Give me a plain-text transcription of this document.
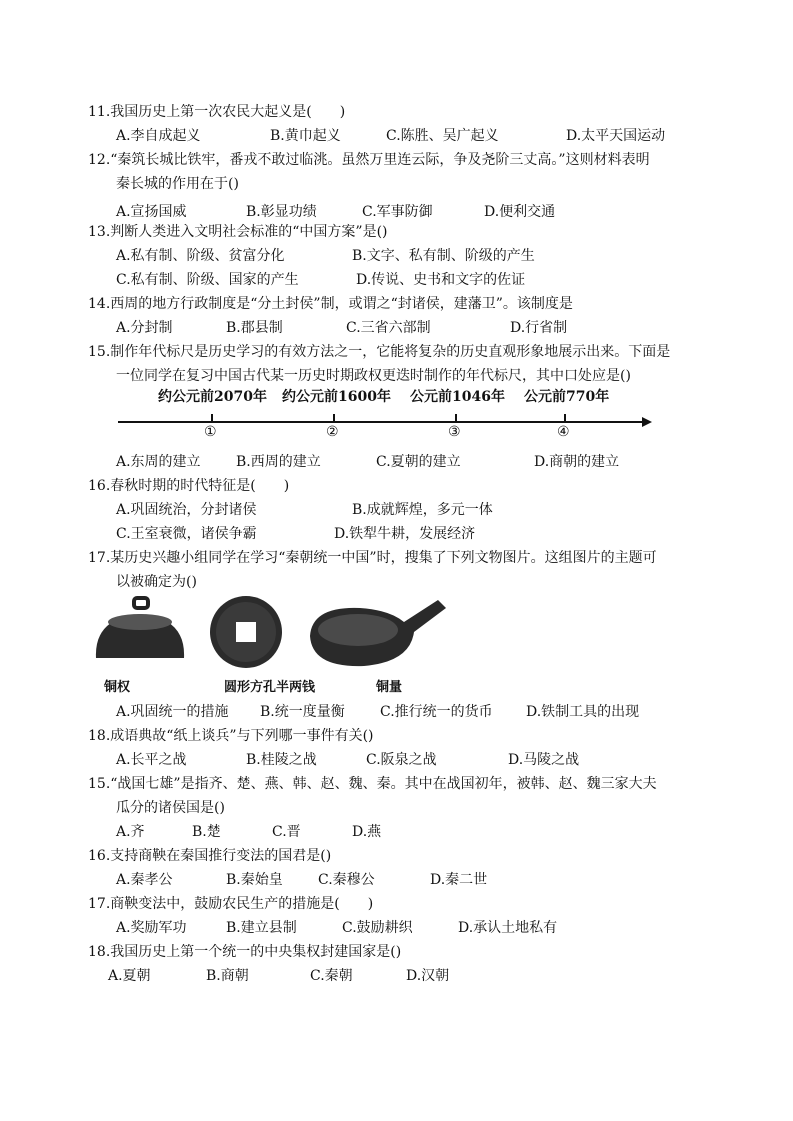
11.我国历史上第一次农民大起义是(　　)
A.李自成起义	B.黄巾起义	C.陈胜、吴广起义	D.太平天国运动
12.“秦筑长城比铁牢，番戎不敢过临洮。虽然万里连云际，争及尧阶三丈高。”这则材料表明
秦长城的作用在于()
A.宣扬国威	B.彰显功绩	C.军事防御	D.便利交通
13.判断人类进入文明社会标准的“中国方案”是()
A.私有制、阶级、贫富分化	B.文字、私有制、阶级的产生
C.私有制、阶级、国家的产生	D.传说、史书和文字的佐证
14.西周的地方行政制度是“分土封侯”制，或谓之“封诸侯，建藩卫”。该制度是
A.分封制	B.郡县制	C.三省六部制	D.行省制
15.制作年代标尺是历史学习的有效方法之一，它能将复杂的历史直观形象地展示出来。下面是
一位同学在复习中国古代某一历史时期政权更迭时制作的年代标尺，其中口处应是()
约公元前2070年 约公元前1600年 公元前1046年 公元前770年
①	②	③	④
A.东周的建立	B.西周的建立	C.夏朝的建立	D.商朝的建立
16.春秋时期的时代特征是(　　)
A.巩固统治，分封诸侯	B.成就辉煌，多元一体
C.王室衰微，诸侯争霸	D.铁犁牛耕，发展经济
17.某历史兴趣小组同学在学习“秦朝统一中国”时，搜集了下列文物图片。这组图片的主题可
以被确定为()
铜权	圆形方孔半两钱	铜量
A.巩固统一的措施 B.统一度量衡	C.推行统一的货币 D.铁制工具的出现
18.成语典故“纸上谈兵”与下列哪一事件有关()
A.长平之战	B.桂陵之战	C.阪泉之战	D.马陵之战
15.“战国七雄”是指齐、楚、燕、韩、赵、魏、秦。其中在战国初年，被韩、赵、魏三家大夫
瓜分的诸侯国是()
A.齐	B.楚	C.晋	D.燕
16.支持商鞅在秦国推行变法的国君是()
A.秦孝公	B.秦始皇	C.秦穆公	D.秦二世
17.商鞅变法中，鼓励农民生产的措施是(　　)
A.奖励军功	B.建立县制	C.鼓励耕织	D.承认土地私有
18.我国历史上第一个统一的中央集权封建国家是()
A.夏朝	B.商朝	C.秦朝	D.汉朝
